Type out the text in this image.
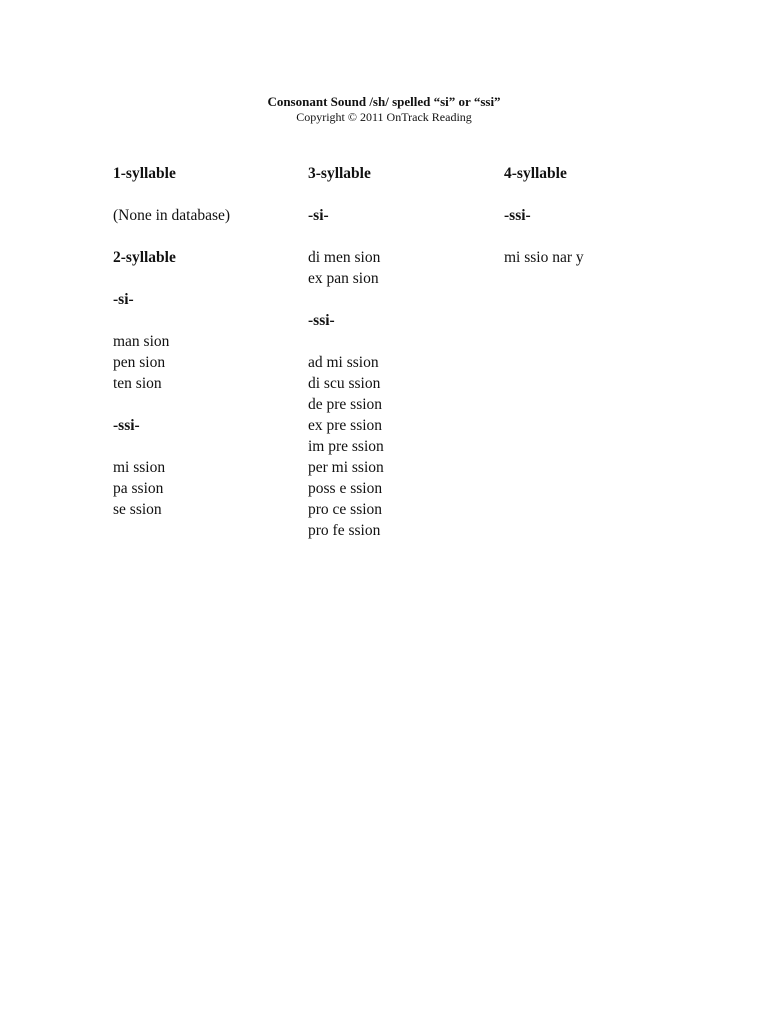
Consonant Sound /sh/ spelled “si” or “ssi”
Copyright © 2011 OnTrack Reading
1-syllable
(None in database)
2-syllable
-si-
man sion
pen sion
ten sion
-ssi-
mi ssion
pa ssion
se ssion
3-syllable
-si-
di men sion
ex pan sion
-ssi-
ad mi ssion
di scu ssion
de pre ssion
ex pre ssion
im pre ssion
per mi ssion
poss e ssion
pro ce ssion
pro fe ssion
4-syllable
-ssi-
mi ssio nar y
